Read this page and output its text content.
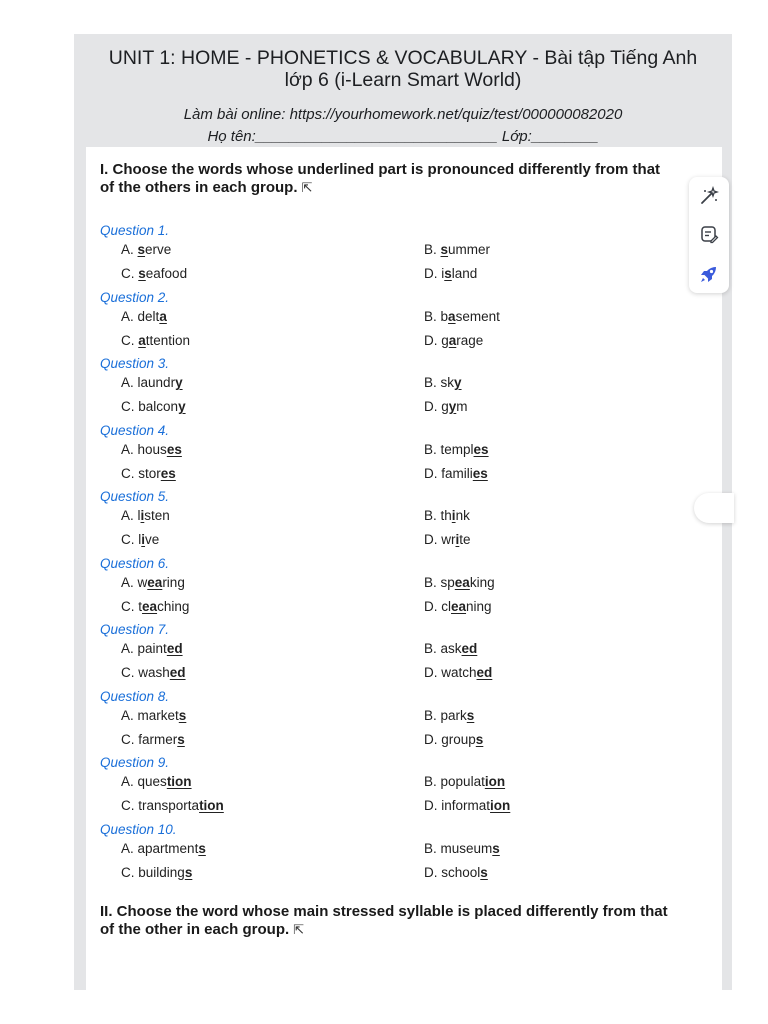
UNIT 1: HOME - PHONETICS & VOCABULARY - Bài tập Tiếng Anh
lớp 6 (i-Learn Smart World)
Làm bài online: https://yourhomework.net/quiz/test/000000082020
Họ tên:_____________________________ Lớp:________
I. Choose the words whose underlined part is pronounced differently from that
of the others in each group. ⇱
Question 1.
A. serve	B. summer
C. seafood	D. island
Question 2.
A. delta	B. basement
C. attention	D. garage
Question 3.
A. laundry	B. sky
C. balcony	D. gym
Question 4.
A. houses	B. temples
C. stores	D. families
Question 5.
A. listen	B. think
C. live	D. write
Question 6.
A. wearing	B. speaking
C. teaching	D. cleaning
Question 7.
A. painted	B. asked
C. washed	D. watched
Question 8.
A. markets	B. parks
C. farmers	D. groups
Question 9.
A. question	B. population
C. transportation	D. information
Question 10.
A. apartments	B. museums
C. buildings	D. schools
II. Choose the word whose main stressed syllable is placed differently from that
of the other in each group. ⇱
